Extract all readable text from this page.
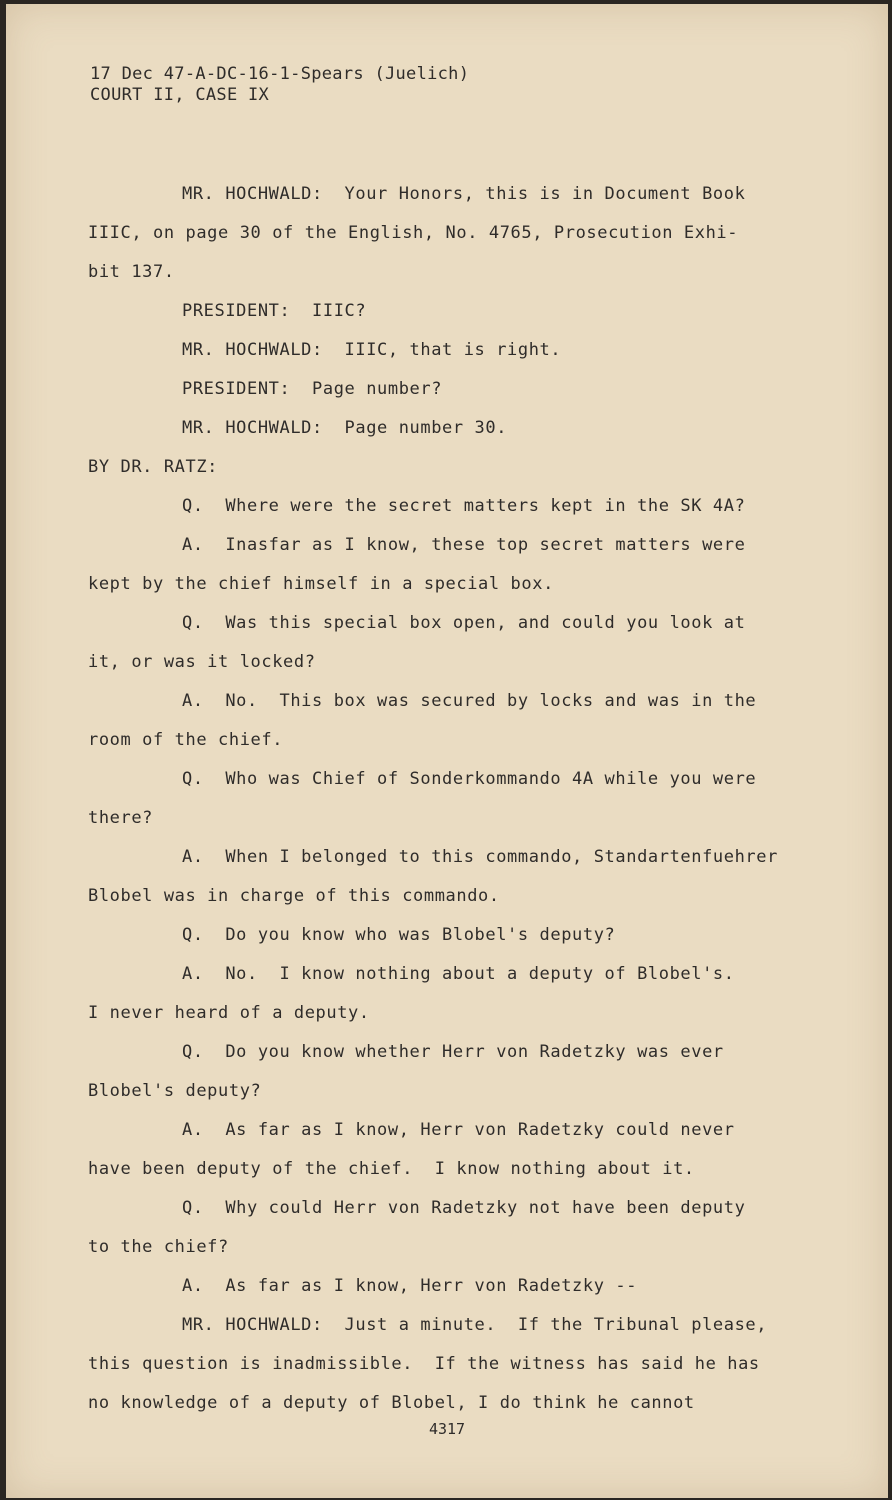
17 Dec 47-A-DC-16-1-Spears (Juelich)
COURT II, CASE IX
MR. HOCHWALD:  Your Honors, this is in Document Book
IIIC, on page 30 of the English, No. 4765, Prosecution Exhi-
bit 137.
PRESIDENT:  IIIC?
MR. HOCHWALD:  IIIC, that is right.
PRESIDENT:  Page number?
MR. HOCHWALD:  Page number 30.
BY DR. RATZ:
Q.  Where were the secret matters kept in the SK 4A?
A.  Inasfar as I know, these top secret matters were
kept by the chief himself in a special box.
Q.  Was this special box open, and could you look at
it, or was it locked?
A.  No.  This box was secured by locks and was in the
room of the chief.
Q.  Who was Chief of Sonderkommando 4A while you were
there?
A.  When I belonged to this commando, Standartenfuehrer
Blobel was in charge of this commando.
Q.  Do you know who was Blobel's deputy?
A.  No.  I know nothing about a deputy of Blobel's.
I never heard of a deputy.
Q.  Do you know whether Herr von Radetzky was ever
Blobel's deputy?
A.  As far as I know, Herr von Radetzky could never
have been deputy of the chief.  I know nothing about it.
Q.  Why could Herr von Radetzky not have been deputy
to the chief?
A.  As far as I know, Herr von Radetzky --
MR. HOCHWALD:  Just a minute.  If the Tribunal please,
this question is inadmissible.  If the witness has said he has
no knowledge of a deputy of Blobel, I do think he cannot
4317
